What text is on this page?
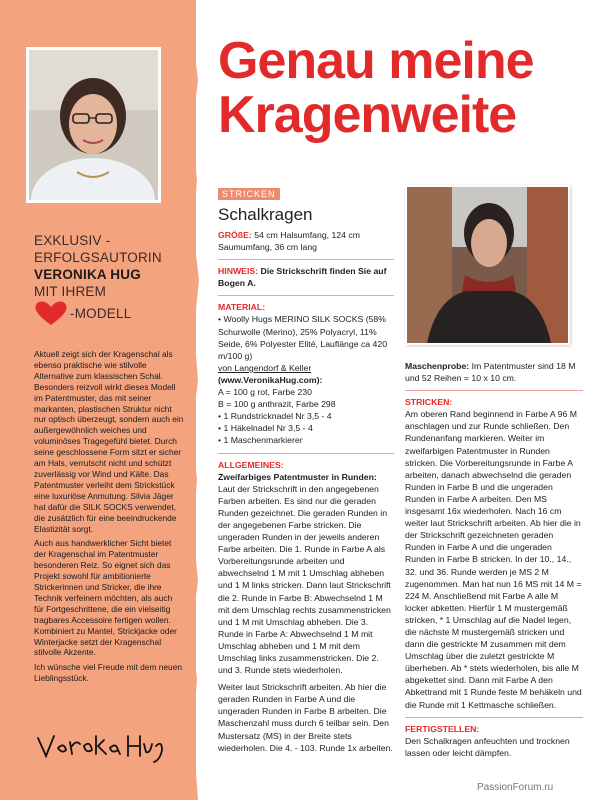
EXKLUSIV -
ERFOLGSAUTORIN
VERONIKA HUG
MIT IHREM
-MODELL

Aktuell zeigt sich der Kragenschal als ebenso praktische wie stilvolle Alternative zum klassischen Schal. Besonders reizvoll wirkt dieses Modell im Patentmuster, das mit seiner markanten, plastischen Struktur nicht nur optisch überzeugt, sondern auch ein außergewöhnlich weiches und voluminöses Tragegefühl bietet. Durch seine geschlossene Form sitzt er sicher am Hals, verrutscht nicht und schützt zuverlässig vor Wind und Kälte. Das Patentmuster verleiht dem Strickstück eine luxuriöse Anmutung. Silvia Jäger hat dafür die SILK SOCKS verwendet, die zusätzlich für eine beeindruckende Elastizität sorgt.

Auch aus handwerklicher Sicht bietet der Kragenschal im Patentmuster besonderen Reiz. So eignet sich das Projekt sowohl für ambitionierte Strickerinnen und Stricker, die ihre Technik verfeinern möchten, als auch für Fortgeschrittene, die ein vielseitig tragbares Accessoire fertigen wollen. Kombiniert zu Mantel, Strickjacke oder Winterjacke setzt der Kragenschal stilvolle Akzente.

Ich wünsche viel Freude mit dem neuen Lieblingsstück.

Genau meine
Kragenweite
STRICKEN
Schalkragen

GRÖßE: 54 cm Halsumfang, 124 cm Saumumfang, 36 cm lang

HINWEIS: Die Strickschrift finden Sie auf Bogen A.

MATERIAL:
• Woolly Hugs MERINO SILK SOCKS (58% Schurwolle (Merino), 25% Polyacryl, 11% Seide, 6% Polyester Elité, Lauflänge ca 420 m/100 g)
von Langendorf & Keller
(www.VeronikaHug.com):
A = 100 g rot, Farbe 230
B = 100 g anthrazit, Farbe 298
• 1 Rundstricknadel Nr 3,5 - 4
• 1 Häkelnadel Nr 3,5 - 4
• 1 Maschenmarkierer
ALLGEMEINES:

Zweifarbiges Patentmuster in Runden: Laut der Strickschrift in den angegebenen Farben arbeiten. Es sind nur die geraden Runden gezeichnet. Die geraden Runden in der angegebenen Farbe stricken. Die ungeraden Runden in der jeweils anderen Farbe arbeiten. Die 1. Runde in Farbe A als Vorbereitungsrunde arbeiten und abwechselnd 1 M mit 1 Umschlag abheben und 1 M links stricken. Dann laut Strickschrift die 2. Runde in Farbe B: Abwechselnd 1 M mit dem Umschlag rechts zusammenstricken und 1 M mit Umschlag abheben. Die 3. Runde in Farbe A: Abwechselnd 1 M mit Umschlag abheben und 1 M mit dem Umschlag links zusammenstricken. Die 2. und 3. Runde stets wiederholen.

Weiter laut Strickschrift arbeiten. Ab hier die geraden Runden in Farbe A und die ungeraden Runden in Farbe B arbeiten. Die Maschenzahl muss durch 6 teilbar sein. Den Mustersatz (MS) in der Breite stets wiederholen. Die 4. - 103. Runde 1x arbeiten.

Maschenprobe: Im Patentmuster sind 18 M und 52 Reihen = 10 x 10 cm.

STRICKEN:

Am oberen Rand beginnend in Farbe A 96 M anschlagen und zur Runde schließen. Den Rundenanfang markieren. Weiter im zweifarbigen Patentmuster in Runden stricken. Die Vorbereitungsrunde in Farbe A arbeiten, danach abwechselnd die geraden Runden in Farbe B und die ungeraden Runden in Farbe A arbeiten. Den MS insgesamt 16x wiederholen. Nach 16 cm weiter laut Strickschrift arbeiten. Ab hier die in der Strickschrift gezeichneten geraden Runden in Farbe A und die ungeraden Runden in Farbe B stricken. In der 10., 14., 32. und 36. Runde werden je MS 2 M zugenommen. Man hat nun 16 MS mit 14 M = 224 M. Anschließend mit Farbe A alle M locker abketten. Hierfür 1 M mustergemäß stricken, * 1 Umschlag auf die Nadel legen, die nächste M mustergemäß stricken und dann die gestrickte M zusammen mit dem Umschlag über die zuletzt gestrickte M überheben. Ab * stets wiederholen, bis alle M abgekettet sind. Dann mit Farbe A den Abkettrand mit 1 Runde feste M behäkeln und die Runde mit 1 Kettmasche schließen.

FERTIGSTELLEN:

Den Schalkragen anfeuchten und trocknen lassen oder leicht dämpfen.

PassionForum.ru
